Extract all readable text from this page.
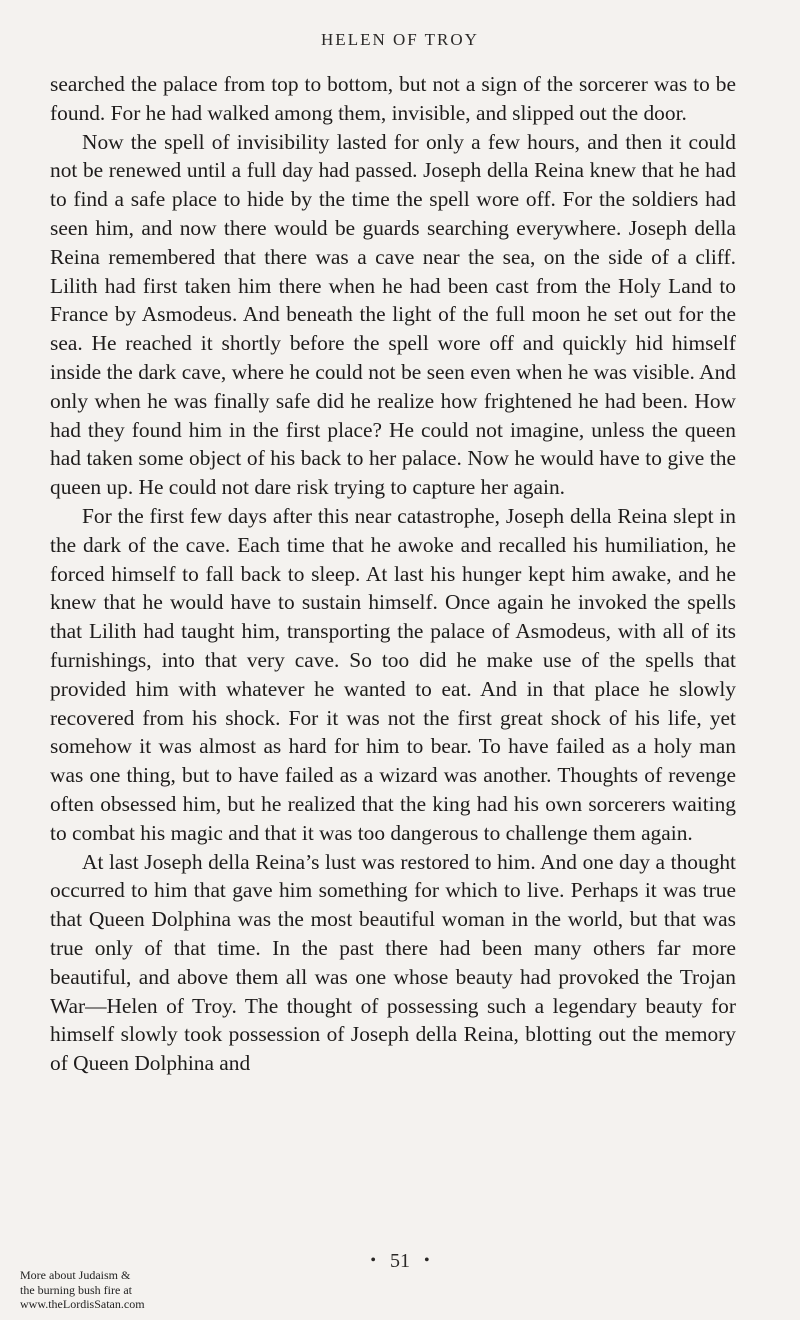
HELEN OF TROY

searched the palace from top to bottom, but not a sign of the sorcerer was to be found. For he had walked among them, invisible, and slipped out the door.

Now the spell of invisibility lasted for only a few hours, and then it could not be renewed until a full day had passed. Joseph della Reina knew that he had to find a safe place to hide by the time the spell wore off. For the soldiers had seen him, and now there would be guards searching everywhere. Joseph della Reina remembered that there was a cave near the sea, on the side of a cliff. Lilith had first taken him there when he had been cast from the Holy Land to France by Asmodeus. And beneath the light of the full moon he set out for the sea. He reached it shortly before the spell wore off and quickly hid himself inside the dark cave, where he could not be seen even when he was visible. And only when he was finally safe did he realize how frightened he had been. How had they found him in the first place? He could not imagine, unless the queen had taken some object of his back to her palace. Now he would have to give the queen up. He could not dare risk trying to capture her again.

For the first few days after this near catastrophe, Joseph della Reina slept in the dark of the cave. Each time that he awoke and recalled his humiliation, he forced himself to fall back to sleep. At last his hunger kept him awake, and he knew that he would have to sustain himself. Once again he invoked the spells that Lilith had taught him, transporting the palace of Asmodeus, with all of its furnishings, into that very cave. So too did he make use of the spells that provided him with whatever he wanted to eat. And in that place he slowly recovered from his shock. For it was not the first great shock of his life, yet somehow it was almost as hard for him to bear. To have failed as a holy man was one thing, but to have failed as a wizard was another. Thoughts of revenge often obsessed him, but he realized that the king had his own sorcerers waiting to combat his magic and that it was too dangerous to challenge them again.

At last Joseph della Reina’s lust was restored to him. And one day a thought occurred to him that gave him something for which to live. Perhaps it was true that Queen Dolphina was the most beautiful woman in the world, but that was true only of that time. In the past there had been many others far more beautiful, and above them all was one whose beauty had provoked the Trojan War—Helen of Troy. The thought of possessing such a legendary beauty for himself slowly took possession of Joseph della Reina, blotting out the memory of Queen Dolphina and

• 51 •
More about Judaism &
the burning bush fire at
www.theLordisSatan.com
